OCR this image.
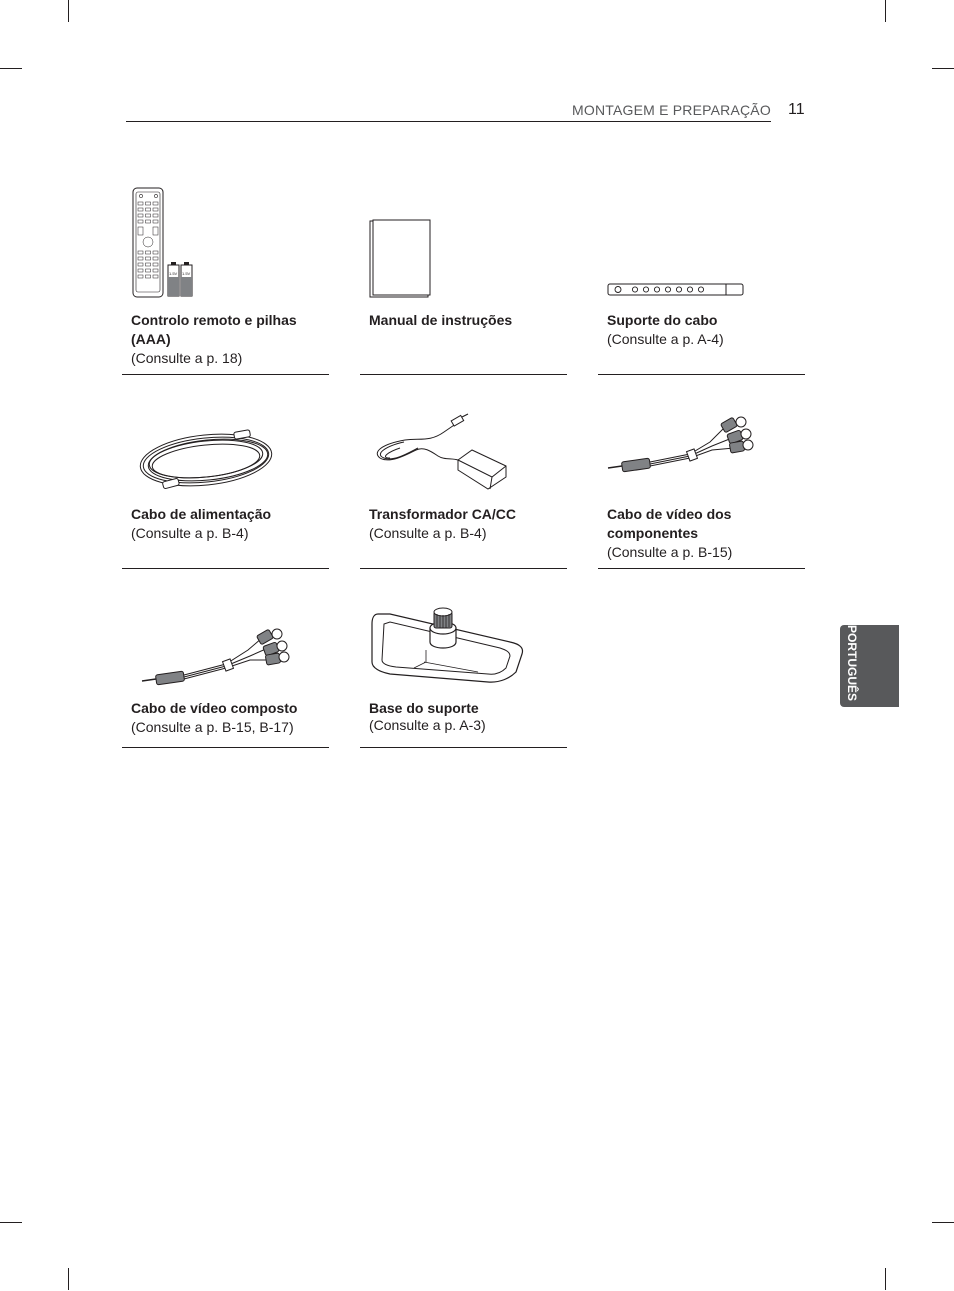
MONTAGEM E PREPARAÇÃO 11
1.5V 1.5V
Controlo remoto e pilhas
(AAA)
(Consulte a p. 18)
Manual de instruções	Suporte do cabo
(Consulte a p. A-4)
Cabo de alimentação
(Consulte a p. B-4)
Transformador CA/CC
(Consulte a p. B-4)
Cabo de vídeo dos
componentes
(Consulte a p. B-15)
Cabo de vídeo composto
(Consulte a p. B-15, B-17)
Base do suporte
(Consulte a p. A-3)
PORTUGUÊS
